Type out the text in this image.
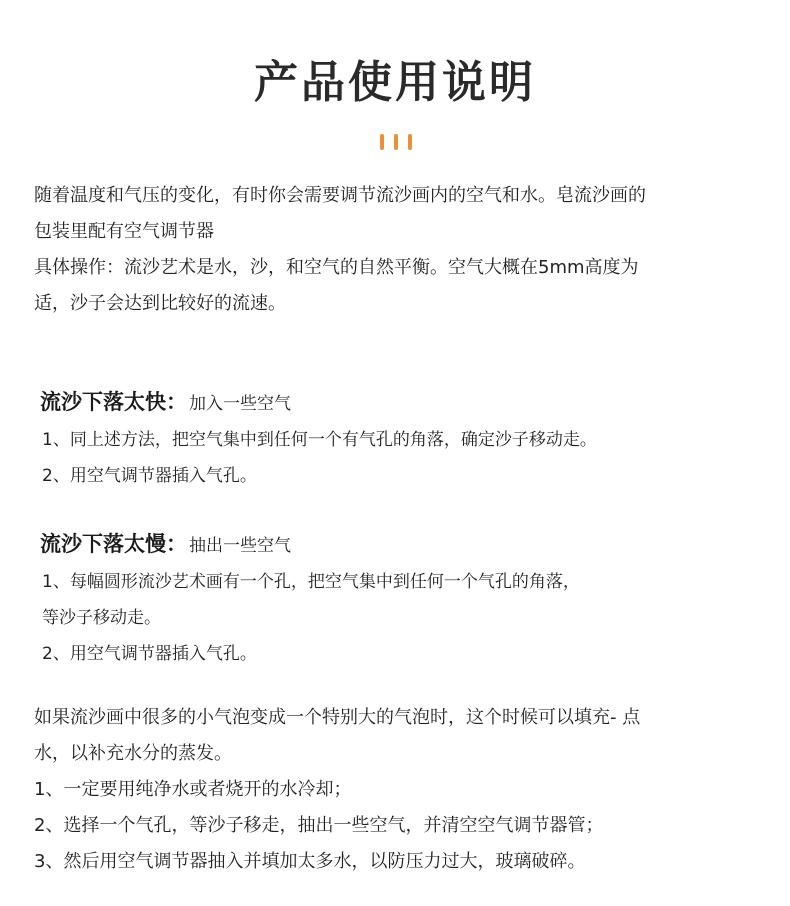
产品使用说明

随着温度和气压的变化，有时你会需要调节流沙画内的空气和水。皂流沙画的

包装里配有空气调节器

具体操作：流沙艺术是水，沙，和空气的自然平衡。空气大概在5mm高度为

适，沙子会达到比较好的流速。

流沙下落太快： 加入一些空气

1、同上述方法，把空气集中到任何一个有气孔的角落，确定沙子移动走。

2、用空气调节器插入气孔。

流沙下落太慢： 抽出一些空气

1、每幅圆形流沙艺术画有一个孔，把空气集中到任何一个气孔的角落，

等沙子移动走。

2、用空气调节器插入气孔。

如果流沙画中很多的小气泡变成一个特别大的气泡时，这个时候可以填充- 点

水，以补充水分的蒸发。

1、一定要用纯净水或者烧开的水冷却；

2、选择一个气孔，等沙子移走，抽出一些空气，并清空空气调节器管；

3、然后用空气调节器抽入并填加太多水，以防压力过大，玻璃破碎。
